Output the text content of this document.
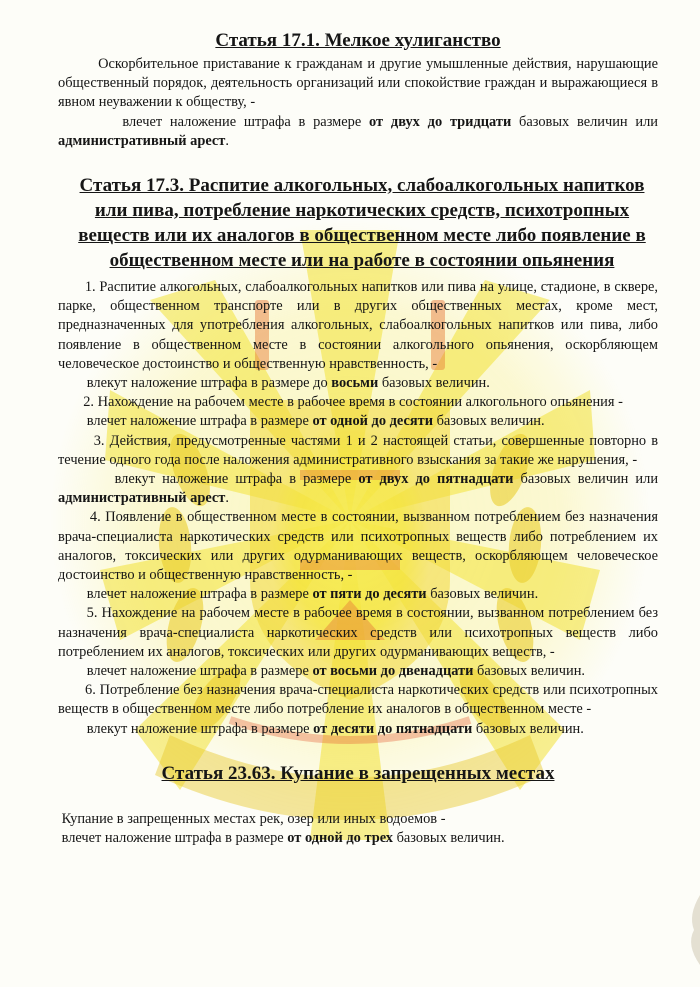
Статья 17.1. Мелкое хулиганство

Оскорбительное приставание к гражданам и другие умышленные действия, нарушающие общественный порядок, деятельность организаций или спокойствие граждан и выражающиеся в явном неуважении к обществу, -

влечет наложение штрафа в размере от двух до тридцати базовых величин или административный арест.

Статья 17.3. Распитие алкогольных, слабоалкогольных напитков или пива, потребление наркотических средств, психотропных веществ или их аналогов в общественном месте либо появление в общественном месте или на работе в состоянии опьянения

1. Распитие алкогольных, слабоалкогольных напитков или пива на улице, стадионе, в сквере, парке, общественном транспорте или в других общественных местах, кроме мест, предназначенных для употребления алкогольных, слабоалкогольных напитков или пива, либо появление в общественном месте в состоянии алкогольного опьянения, оскорбляющем человеческое достоинство и общественную нравственность, -

влекут наложение штрафа в размере до восьми базовых величин.

2. Нахождение на рабочем месте в рабочее время в состоянии алкогольного опьянения -

влечет наложение штрафа в размере от одной до десяти базовых величин.

3. Действия, предусмотренные частями 1 и 2 настоящей статьи, совершенные повторно в течение одного года после наложения административного взыскания за такие же нарушения, -

влекут наложение штрафа в размере от двух до пятнадцати базовых величин или административный арест.

4. Появление в общественном месте в состоянии, вызванном потреблением без назначения врача-специалиста наркотических средств или психотропных веществ либо потреблением их аналогов, токсических или других одурманивающих веществ, оскорбляющем человеческое достоинство и общественную нравственность, -

влечет наложение штрафа в размере от пяти до десяти базовых величин.

5. Нахождение на рабочем месте в рабочее время в состоянии, вызванном потреблением без назначения врача-специалиста наркотических средств или психотропных веществ либо потреблением их аналогов, токсических или других одурманивающих веществ, -

влечет наложение штрафа в размере от восьми до двенадцати базовых величин.

6. Потребление без назначения врача-специалиста наркотических средств или психотропных веществ в общественном месте либо потребление их аналогов в общественном месте -

влекут наложение штрафа в размере от десяти до пятнадцати базовых величин.

Статья 23.63. Купание в запрещенных местах

Купание в запрещенных местах рек, озер или иных водоемов -

влечет наложение штрафа в размере от одной до трех базовых величин.
